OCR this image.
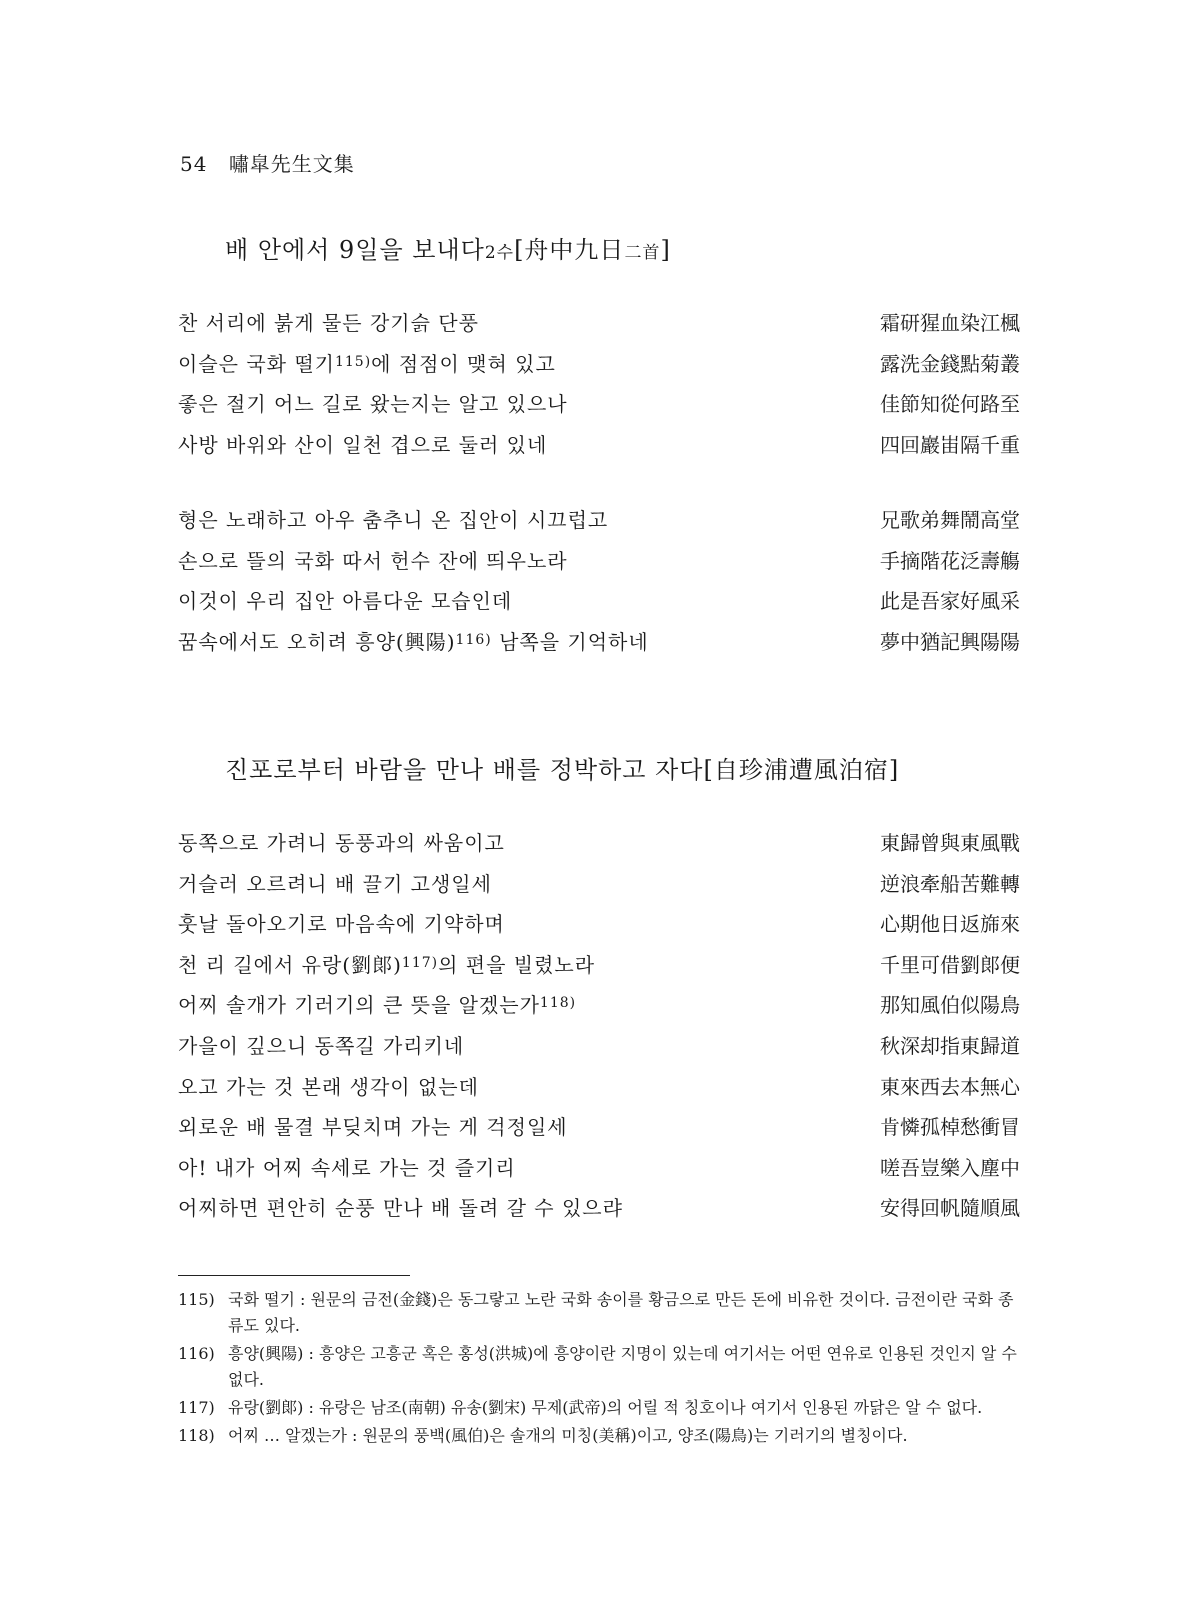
54 嘯皐先生文集
배 안에서 9일을 보내다2수[舟中九日二首]
찬 서리에 붉게 물든 강기슭 단풍	霜研猩血染江楓
이슬은 국화 떨기$^{115)}$에 점점이 맺혀 있고	露洗金錢點菊叢
좋은 절기 어느 길로 왔는지는 알고 있으나	佳節知從何路至
사방 바위와 산이 일천 겹으로 둘러 있네	四回巖峀隔千重
형은 노래하고 아우 춤추니 온 집안이 시끄럽고	兄歌弟舞鬧高堂
손으로 뜰의 국화 따서 헌수 잔에 띄우노라	手摘階花泛壽觴
이것이 우리 집안 아름다운 모습인데	此是吾家好風采
꿈속에서도 오히려 흥양(興陽)$^{116)}$ 남쪽을 기억하네	夢中猶記興陽陽
진포로부터 바람을 만나 배를 정박하고 자다[自珍浦遭風泊宿]
동쪽으로 가려니 동풍과의 싸움이고	東歸曾與東風戰
거슬러 오르려니 배 끌기 고생일세	逆浪牽船苦難轉
훗날 돌아오기로 마음속에 기약하며	心期他日返旆來
천 리 길에서 유랑(劉郞)$^{117)}$의 편을 빌렸노라	千里可借劉郞便
어찌 솔개가 기러기의 큰 뜻을 알겠는가$^{118)}$	那知風伯似陽鳥
가을이 깊으니 동쪽길 가리키네	秋深却指東歸道
오고 가는 것 본래 생각이 없는데	東來西去本無心
외로운 배 물결 부딪치며 가는 게 걱정일세	肯憐孤棹愁衝冒
아! 내가 어찌 속세로 가는 것 즐기리	嗟吾豈樂入塵中
어찌하면 편안히 순풍 만나 배 돌려 갈 수 있으랴	安得回帆隨順風
115) 국화 떨기 : 원문의 금전(金錢)은 동그랗고 노란 국화 송이를 황금으로 만든 돈에 비유한 것이다. 금전이란 국화 종류도 있다.
116) 흥양(興陽) : 흥양은 고흥군 혹은 홍성(洪城)에 흥양이란 지명이 있는데 여기서는 어떤 연유로 인용된 것인지 알 수 없다.
117) 유랑(劉郞) : 유랑은 남조(南朝) 유송(劉宋) 무제(武帝)의 어릴 적 칭호이나 여기서 인용된 까닭은 알 수 없다.
118) 어찌 … 알겠는가 : 원문의 풍백(風伯)은 솔개의 미칭(美稱)이고, 양조(陽鳥)는 기러기의 별칭이다.
